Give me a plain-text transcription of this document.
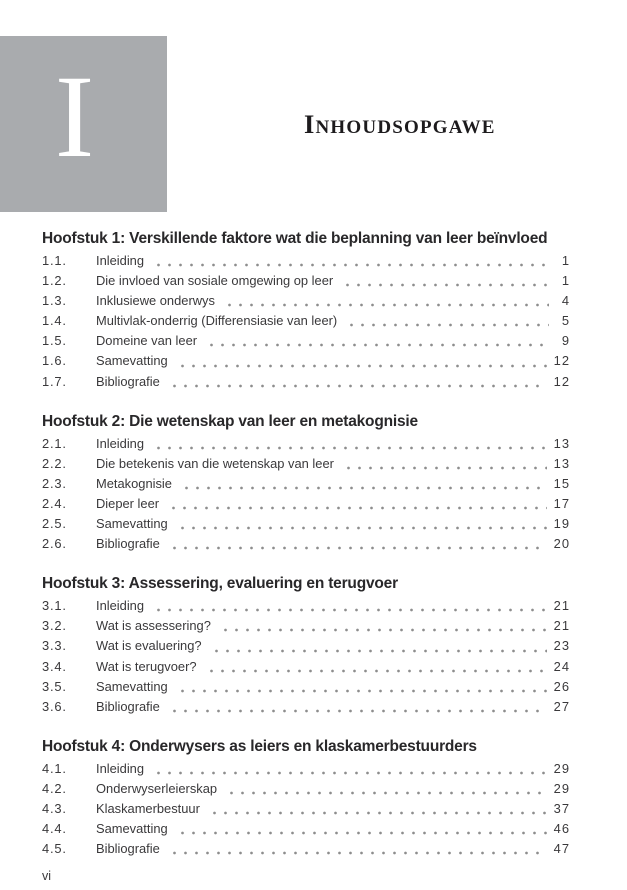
I	Inhoudsopgawe
Hoofstuk 1: Verskillende faktore wat die beplanning van leer beïnvloed
1.1.	Inleiding	1
1.2.	Die invloed van sosiale omgewing op leer	1
1.3.	Inklusiewe onderwys	4
1.4.	Multivlak-onderrig (Differensiasie van leer)	5
1.5.	Domeine van leer	9
1.6.	Samevatting	12
1.7.	Bibliografie	12
Hoofstuk 2: Die wetenskap van leer en metakognisie
2.1.	Inleiding	13
2.2.	Die betekenis van die wetenskap van leer	13
2.3.	Metakognisie	15
2.4.	Dieper leer	17
2.5.	Samevatting	19
2.6.	Bibliografie	20
Hoofstuk 3: Assessering, evaluering en terugvoer
3.1.	Inleiding	21
3.2.	Wat is assessering?	21
3.3.	Wat is evaluering?	23
3.4.	Wat is terugvoer?	24
3.5.	Samevatting	26
3.6.	Bibliografie	27
Hoofstuk 4: Onderwysers as leiers en klaskamerbestuurders
4.1.	Inleiding	29
4.2.	Onderwyserleierskap	29
4.3.	Klaskamerbestuur	37
4.4.	Samevatting	46
4.5.	Bibliografie	47
vi
